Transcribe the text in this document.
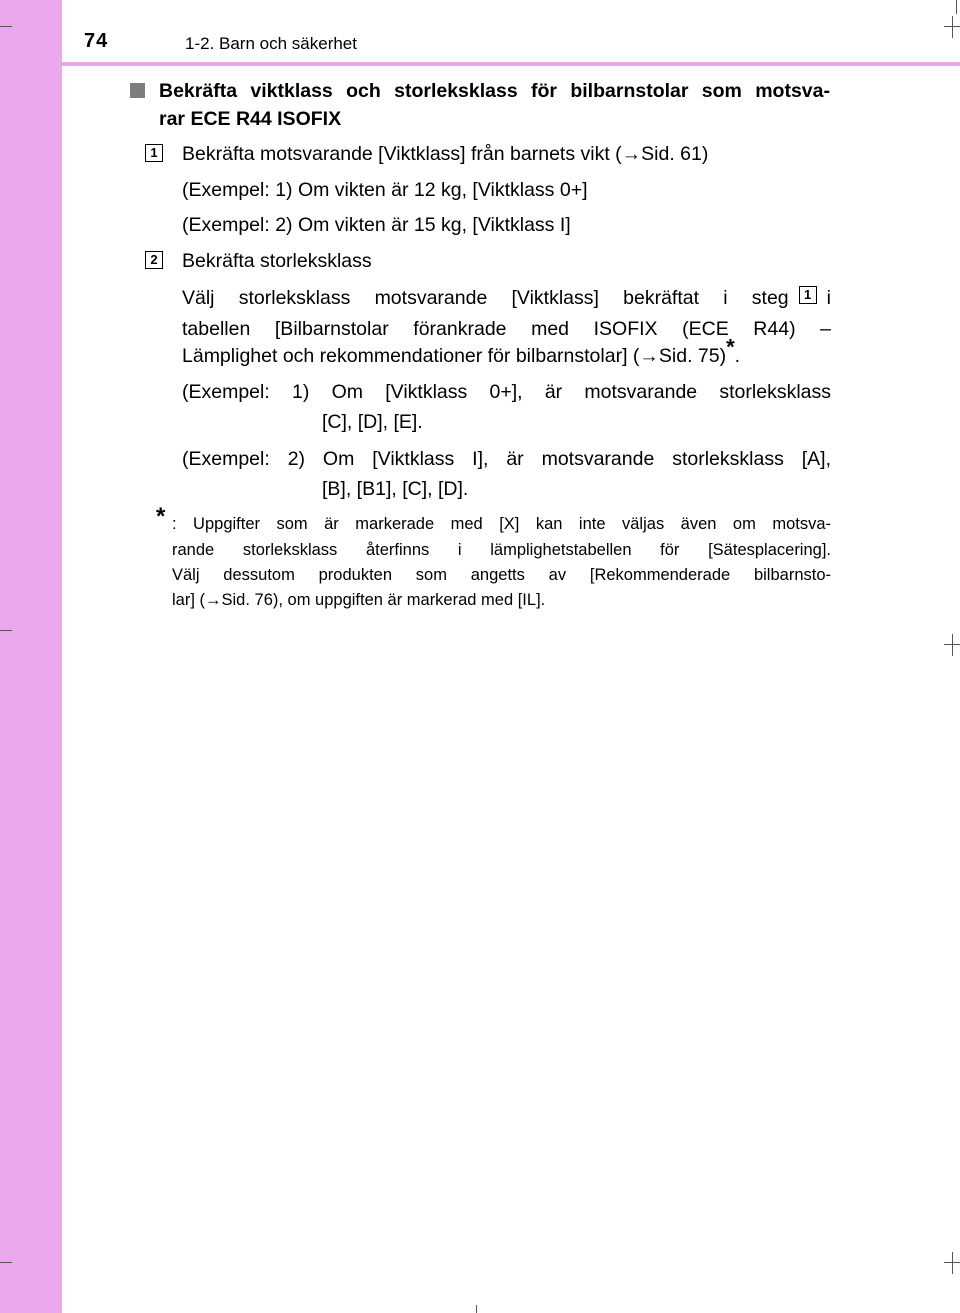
74	1-2. Barn och säkerhet
Bekräfta viktklass och storleksklass för bilbarnstolar som motsva-
rar ECE R44 ISOFIX
1 Bekräfta motsvarande [Viktklass] från barnets vikt (→Sid. 61)
(Exempel: 1) Om vikten är 12 kg, [Viktklass 0+]
(Exempel: 2) Om vikten är 15 kg, [Viktklass I]
2 Bekräfta storleksklass
Välj storleksklass motsvarande [Viktklass] bekräftat i steg	1 i
tabellen [Bilbarnstolar förankrade med ISOFIX (ECE R44) –
Lämplighet och rekommendationer för bilbarnstolar] (→Sid. 75)*.
(Exempel: 1) Om [Viktklass 0+], är motsvarande storleksklass
[C], [D], [E].
(Exempel: 2) Om [Viktklass I], är motsvarande storleksklass [A],
[B], [B1], [C], [D].
* : Uppgifter som är markerade med [X] kan inte väljas även om motsva-
rande storleksklass återfinns i lämplighetstabellen för [Sätesplacering].
Välj dessutom produkten som angetts av [Rekommenderade bilbarnsto-
lar] (→Sid. 76), om uppgiften är markerad med [IL].
